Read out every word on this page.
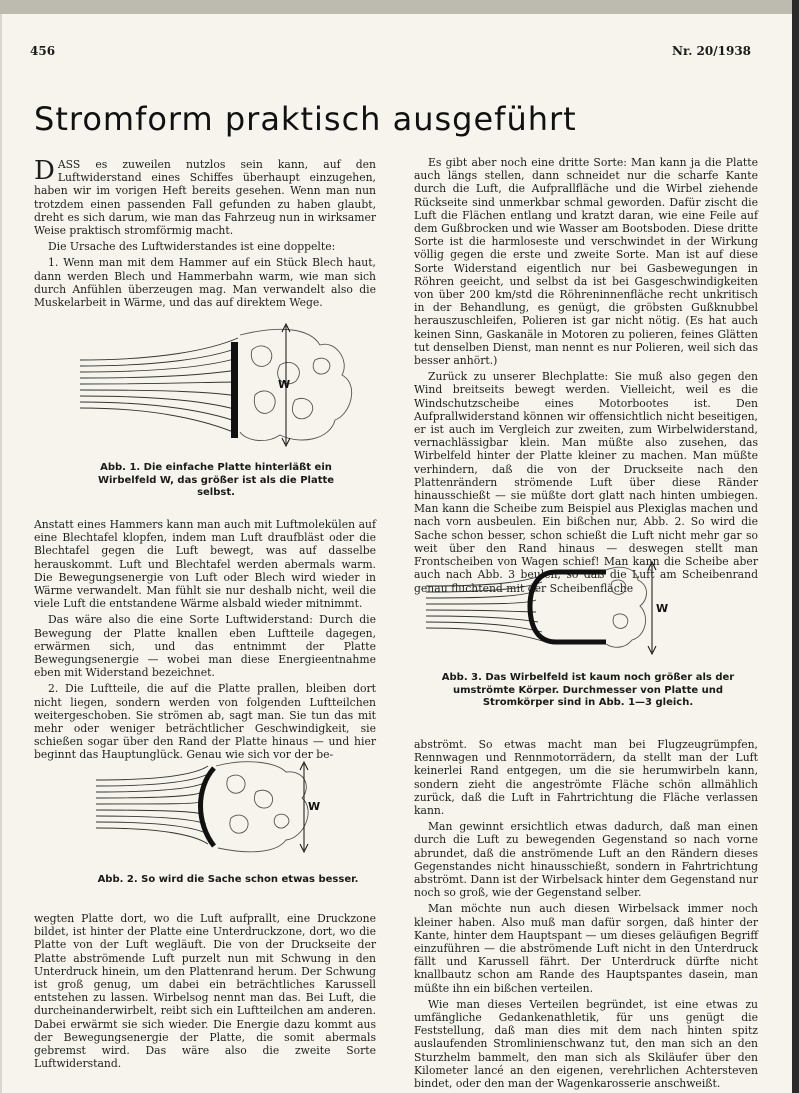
456	Nr. 20/1938
Stromform praktisch ausgeführt

DASS es zuweilen nutzlos sein kann, auf den Luftwiderstand eines Schiffes überhaupt einzugehen, haben wir im vorigen Heft bereits gesehen. Wenn man nun trotzdem einen passenden Fall gefunden zu haben glaubt, dreht es sich darum, wie man das Fahrzeug nun in wirksamer Weise praktisch stromförmig macht.

Die Ursache des Luftwiderstandes ist eine doppelte:

1. Wenn man mit dem Hammer auf ein Stück Blech haut, dann werden Blech und Hammerbahn warm, wie man sich durch Anfühlen überzeugen mag. Man verwandelt also die Muskelarbeit in Wärme, und das auf direktem Wege.

W
Abb. 1. Die einfache Platte hinterläßt ein Wirbelfeld W, das größer ist als die Platte selbst.

Anstatt eines Hammers kann man auch mit Luftmolekülen auf eine Blechtafel klopfen, indem man Luft draufbläst oder die Blechtafel gegen die Luft bewegt, was auf dasselbe herauskommt. Luft und Blechtafel werden abermals warm. Die Bewegungsenergie von Luft oder Blech wird wieder in Wärme verwandelt. Man fühlt sie nur deshalb nicht, weil die viele Luft die entstandene Wärme alsbald wieder mitnimmt.

Das wäre also die eine Sorte Luftwiderstand: Durch die Bewegung der Platte knallen eben Luftteile dagegen, erwärmen sich, und das entnimmt der Platte Bewegungsenergie — wobei man diese Energieentnahme eben mit Widerstand bezeichnet.

2. Die Luftteile, die auf die Platte prallen, bleiben dort nicht liegen, sondern werden von folgenden Luftteilchen weitergeschoben. Sie strömen ab, sagt man. Sie tun das mit mehr oder weniger beträchtlicher Geschwindigkeit, sie schießen sogar über den Rand der Platte hinaus — und hier beginnt das Hauptunglück. Genau wie sich vor der be-

W
Abb. 2. So wird die Sache schon etwas besser.

wegten Platte dort, wo die Luft aufprallt, eine Druckzone bildet, ist hinter der Platte eine Unterdruckzone, dort, wo die Platte von der Luft wegläuft. Die von der Druckseite der Platte abströmende Luft purzelt nun mit Schwung in den Unterdruck hinein, um den Plattenrand herum. Der Schwung ist groß genug, um dabei ein beträchtliches Karussell entstehen zu lassen. Wirbelsog nennt man das. Bei Luft, die durcheinanderwirbelt, reibt sich ein Luftteilchen am anderen. Dabei erwärmt sie sich wieder. Die Energie dazu kommt aus der Bewegungsenergie der Platte, die somit abermals gebremst wird. Das wäre also die zweite Sorte Luftwiderstand.

Es gibt aber noch eine dritte Sorte: Man kann ja die Platte auch längs stellen, dann schneidet nur die scharfe Kante durch die Luft, die Aufprallfläche und die Wirbel ziehende Rückseite sind unmerkbar schmal geworden. Dafür zischt die Luft die Flächen entlang und kratzt daran, wie eine Feile auf dem Gußbrocken und wie Wasser am Bootsboden. Diese dritte Sorte ist die harmloseste und verschwindet in der Wirkung völlig gegen die erste und zweite Sorte. Man ist auf diese Sorte Widerstand eigentlich nur bei Gasbewegungen in Röhren geeicht, und selbst da ist bei Gasgeschwindigkeiten von über 200 km/std die Röhreninnenfläche recht unkritisch in der Behandlung, es genügt, die gröbsten Gußknubbel herauszuschleifen, Polieren ist gar nicht nötig. (Es hat auch keinen Sinn, Gaskanäle in Motoren zu polieren, feines Glätten tut denselben Dienst, man nennt es nur Polieren, weil sich das besser anhört.)

Zurück zu unserer Blechplatte: Sie muß also gegen den Wind breitseits bewegt werden. Vielleicht, weil es die Windschutzscheibe eines Motorbootes ist. Den Aufprallwiderstand können wir offensichtlich nicht beseitigen, er ist auch im Vergleich zur zweiten, zum Wirbelwiderstand, vernachlässigbar klein. Man müßte also zusehen, das Wirbelfeld hinter der Platte kleiner zu machen. Man müßte verhindern, daß die von der Druckseite nach den Plattenrändern strömende Luft über diese Ränder hinausschießt — sie müßte dort glatt nach hinten umbiegen. Man kann die Scheibe zum Beispiel aus Plexiglas machen und nach vorn ausbeulen. Ein bißchen nur, Abb. 2. So wird die Sache schon besser, schon schießt die Luft nicht mehr gar so weit über den Rand hinaus — deswegen stellt man Frontscheiben von Wagen schief! Man kann die Scheibe aber auch nach Abb. 3 beulen, so daß die Luft am Scheibenrand genau fluchtend mit der Scheibenfläche

W
Abb. 3. Das Wirbelfeld ist kaum noch größer als der umströmte Körper. Durchmesser von Platte und Stromkörper sind in Abb. 1—3 gleich.

abströmt. So etwas macht man bei Flugzeugrümpfen, Rennwagen und Rennmotorrädern, da stellt man der Luft keinerlei Rand entgegen, um die sie herumwirbeln kann, sondern zieht die angeströmte Fläche schön allmählich zurück, daß die Luft in Fahrtrichtung die Fläche verlassen kann.

Man gewinnt ersichtlich etwas dadurch, daß man einen durch die Luft zu bewegenden Gegenstand so nach vorne abrundet, daß die anströmende Luft an den Rändern dieses Gegenstandes nicht hinausschießt, sondern in Fahrtrichtung abströmt. Dann ist der Wirbelsack hinter dem Gegenstand nur noch so groß, wie der Gegenstand selber.

Man möchte nun auch diesen Wirbelsack immer noch kleiner haben. Also muß man dafür sorgen, daß hinter der Kante, hinter dem Hauptspant — um dieses geläufigen Begriff einzuführen — die abströmende Luft nicht in den Unterdruck fällt und Karussell fährt. Der Unterdruck dürfte nicht knallbautz schon am Rande des Hauptspantes dasein, man müßte ihn ein bißchen verteilen.

Wie man dieses Verteilen begründet, ist eine etwas zu umfängliche Gedankenathletik, für uns genügt die Feststellung, daß man dies mit dem nach hinten spitz auslaufenden Stromlinienschwanz tut, den man sich an den Sturzhelm bammelt, den man sich als Skiläufer über den Kilometer lancé an den eigenen, verehrlichen Achtersteven bindet, oder den man der Wagenkarosserie anschweißt.
